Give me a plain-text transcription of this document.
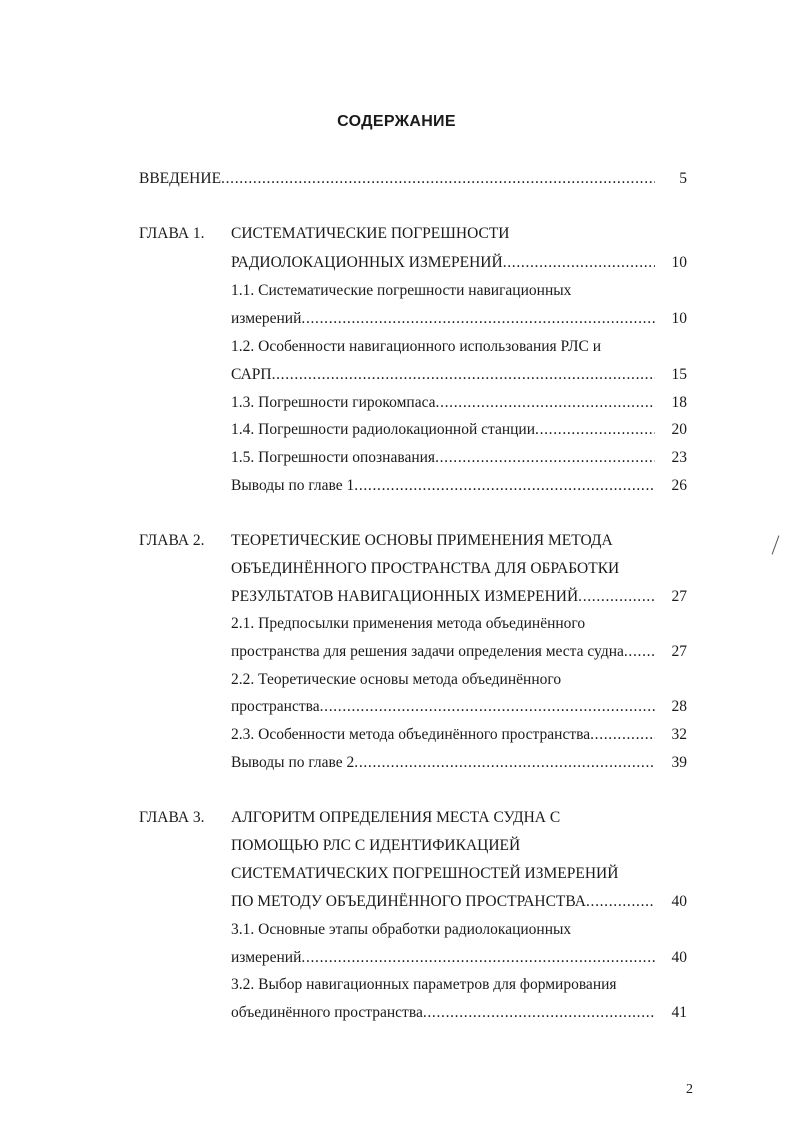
СОДЕРЖАНИЕ
ВВЕДЕНИЕ . . .	5
ГЛАВА 1. СИСТЕМАТИЧЕСКИЕ ПОГРЕШНОСТИ
РАДИОЛОКАЦИОННЫХ ИЗМЕРЕНИЙ . . .	10
1.1. Систематические погрешности навигационных
измерений . . .	10
1.2. Особенности навигационного использования РЛС и
САРП . . .	15
1.3. Погрешности гирокомпаса . . .	18
1.4. Погрешности радиолокационной станции . . .	20
1.5. Погрешности опознавания . . .	23
Выводы по главе 1 . . .	26
ГЛАВА 2. ТЕОРЕТИЧЕСКИЕ ОСНОВЫ ПРИМЕНЕНИЯ МЕТОДА
ОБЪЕДИНЁННОГО ПРОСТРАНСТВА ДЛЯ ОБРАБОТКИ
РЕЗУЛЬТАТОВ НАВИГАЦИОННЫХ ИЗМЕРЕНИЙ . . .	27
2.1. Предпосылки применения метода объединённого
пространства для решения задачи определения места судна . . .	27
2.2. Теоретические основы метода объединённого
пространства . . .	28
2.3. Особенности метода объединённого пространства . . .	32
Выводы по главе 2 . . .	39
ГЛАВА 3. АЛГОРИТМ ОПРЕДЕЛЕНИЯ МЕСТА СУДНА С
ПОМОЩЬЮ РЛС С ИДЕНТИФИКАЦИЕЙ
СИСТЕМАТИЧЕСКИХ ПОГРЕШНОСТЕЙ ИЗМЕРЕНИЙ
ПО МЕТОДУ ОБЪЕДИНЁННОГО ПРОСТРАНСТВА . . .	40
3.1. Основные этапы обработки радиолокационных
измерений . . .	40
3.2. Выбор навигационных параметров для формирования
объединённого пространства . . .	41
2
